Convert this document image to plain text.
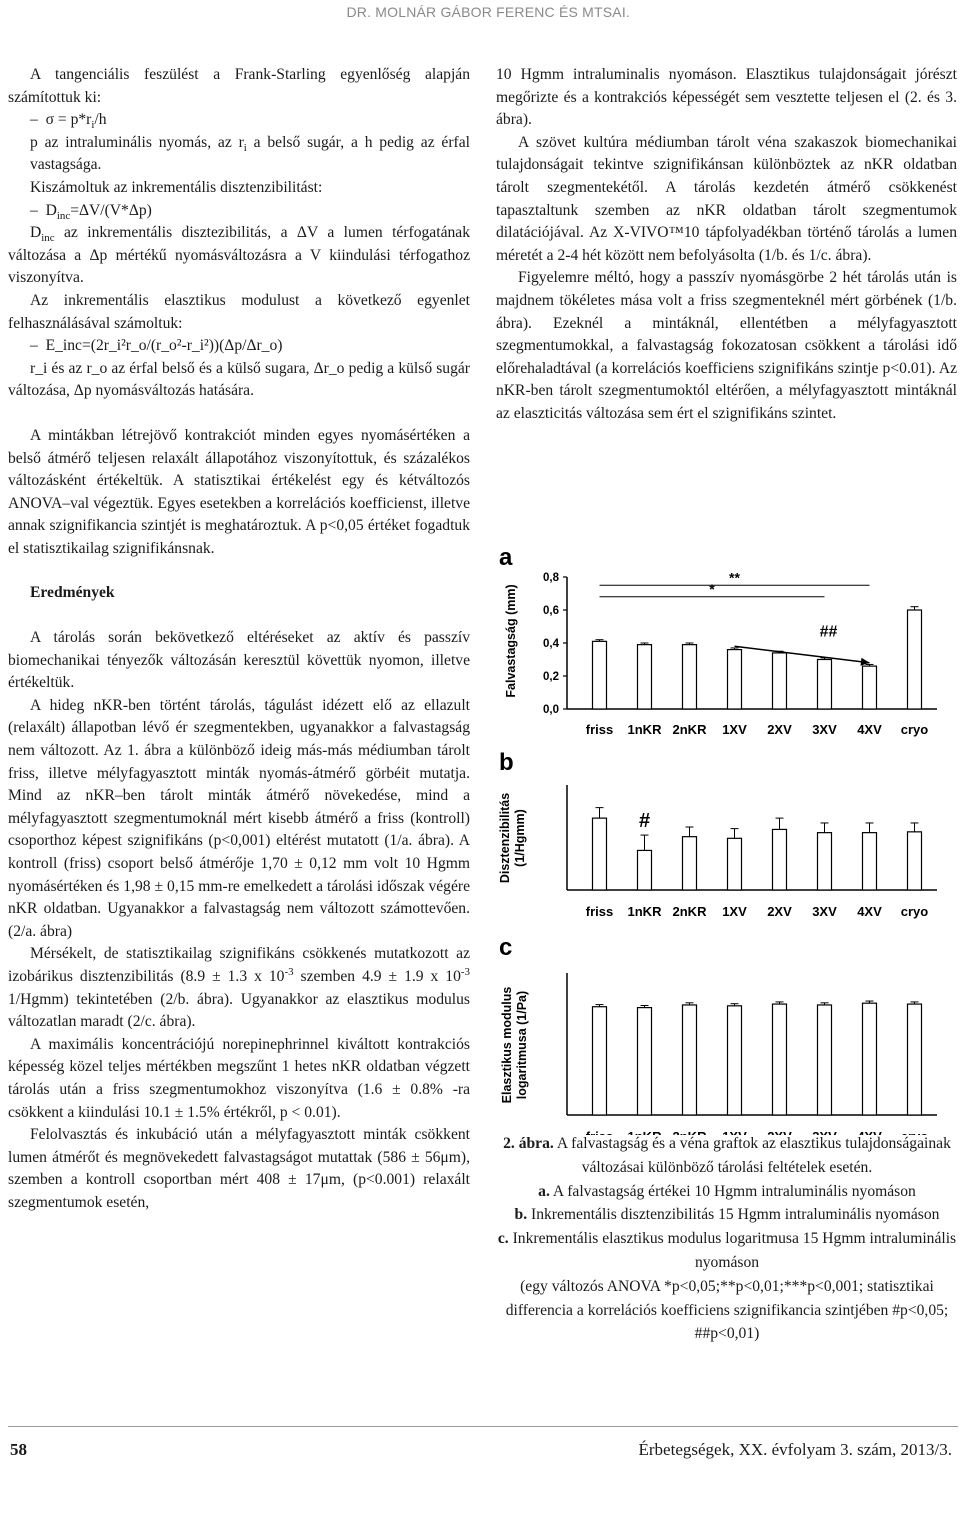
DR. MOLNÁR GÁBOR FERENC ÉS MTSAI.

A tangenciális feszülést a Frank-Starling egyenlőség alapján számítottuk ki:

–  $\sigma = p*r_i/h$

p az intraluminális nyomás, az $r_i$ a belső sugár, a h pedig az érfal vastagsága.

Kiszámoltuk az inkrementális disztenzibilitást:

–  $D_{inc}=\Delta V/(V*\Delta p)$

$D_{inc}$ az inkrementális disztezibilitás, a ΔV a lumen térfogatának változása a Δp mértékű nyomásváltozásra a V kiindulási térfogathoz viszonyítva.

Az inkrementális elasztikus modulust a következő egyenlet felhasználásával számoltuk:

–  E_inc=(2r_i²r_o/(r_o²-r_i²))(Δp/Δr_o)

r_i és az r_o az érfal belső és a külső sugara, Δr_o pedig a külső sugár változása, Δp nyomásváltozás hatására.

A mintákban létrejövő kontrakciót minden egyes nyomásértéken a belső átmérő teljesen relaxált állapotához viszonyítottuk, és százalékos változásként értékeltük. A statisztikai értékelést egy és kétváltozós ANOVA–val végeztük. Egyes esetekben a korrelációs koefficienst, illetve annak szignifikancia szintjét is meghatároztuk. A p<0,05 értéket fogadtuk el statisztikailag szignifikánsnak.

Eredmények

A tárolás során bekövetkező eltéréseket az aktív és passzív biomechanikai tényezők változásán keresztül követtük nyomon, illetve értékeltük.

A hideg nKR-ben történt tárolás, tágulást idézett elő az ellazult (relaxált) állapotban lévő ér szegmentekben, ugyanakkor a falvastagság nem változott. Az 1. ábra a különböző ideig más-más médiumban tárolt friss, illetve mélyfagyasztott minták nyomás-átmérő görbéit mutatja. Mind az nKR–ben tárolt minták átmérő növekedése, mind a mélyfagyasztott szegmentumoknál mért kisebb átmérő a friss (kontroll) csoporthoz képest szignifikáns (p<0,001) eltérést mutatott (1/a. ábra). A kontroll (friss) csoport belső átmérője 1,70 ± 0,12 mm volt 10 Hgmm nyomásértéken és 1,98 ± 0,15 mm-re emelkedett a tárolási időszak végére nKR oldatban. Ugyanakkor a falvastagság nem változott számottevően. (2/a. ábra)

Mérsékelt, de statisztikailag szignifikáns csökkenés mutatkozott az izobárikus disztenzibilitás (8.9 ± 1.3 x $10^{-3}$ szemben 4.9 ± 1.9 x $10^{-3}$ 1/Hgmm) tekintetében (2/b. ábra). Ugyanakkor az elasztikus modulus változatlan maradt (2/c. ábra).

A maximális koncentrációjú norepinephrinnel kiváltott kontrakciós képesség közel teljes mértékben megszűnt 1 hetes nKR oldatban végzett tárolás után a friss szegmentumokhoz viszonyítva (1.6 ± 0.8% -ra csökkent a kiindulási 10.1 ± 1.5% értékről, p < 0.01).

Felolvasztás és inkubáció után a mélyfagyasztott minták csökkent lumen átmérőt és megnövekedett falvastagságot mutattak (586 ± 56μm), szemben a kontroll csoportban mért 408 ± 17μm, (p<0.001) relaxált szegmentumok esetén,

10 Hgmm intraluminalis nyomáson. Elasztikus tulajdonságait jórészt megőrizte és a kontrakciós képességét sem vesztette teljesen el (2. és 3. ábra).

A szövet kultúra médiumban tárolt véna szakaszok biomechanikai tulajdonságait tekintve szignifikánsan különböztek az nKR oldatban tárolt szegmentekétől. A tárolás kezdetén átmérő csökkenést tapasztaltunk szemben az nKR oldatban tárolt szegmentumok dilatációjával. Az X-VIVO™10 tápfolyadékban történő tárolás a lumen méretét a 2-4 hét között nem befolyásolta (1/b. és 1/c. ábra).

Figyelemre méltó, hogy a passzív nyomásgörbe 2 hét tárolás után is majdnem tökéletes mása volt a friss szegmenteknél mért görbének (1/b. ábra). Ezeknél a mintáknál, ellentétben a mélyfagyasztott szegmentumokkal, a falvastagság fokozatosan csökkent a tárolási idő előrehaladtával (a korrelációs koefficiens szignifikáns szintje p<0.01). Az nKR-ben tárolt szegmentumoktól eltérően, a mélyfagyasztott mintáknál az elaszticitás változása sem ért el szignifikáns szintet.

a
Falvastagság (mm)
0,0
0,2
0,4
0,6
0,8
friss 1nKR 2nKR 1XV 2XV 3XV 4XV cryo
**
*
##
b
Disztenzibilitás(1/Hgmm)
friss 1nKR 2nKR 1XV 2XV 3XV 4XV cryo
#
c
Elasztikus moduluslogaritmusa (1/Pa)

2. ábra. A falvastagság és a véna graftok az elasztikus tulajdonságainak változásai különböző tárolási feltételek esetén.

a. A falvastagság értékei 10 Hgmm intraluminális nyomáson

b. Inkrementális disztenzibilitás 15 Hgmm intraluminális nyomáson

c. Inkrementális elasztikus modulus logaritmusa 15 Hgmm intraluminális nyomáson

(egy változós ANOVA *p<0,05;**p<0,01;***p<0,001; statisztikai differencia a korrelációs koefficiens szignifikancia szintjében #p<0,05; ##p<0,01)

58	Érbetegségek, XX. évfolyam 3. szám, 2013/3.
